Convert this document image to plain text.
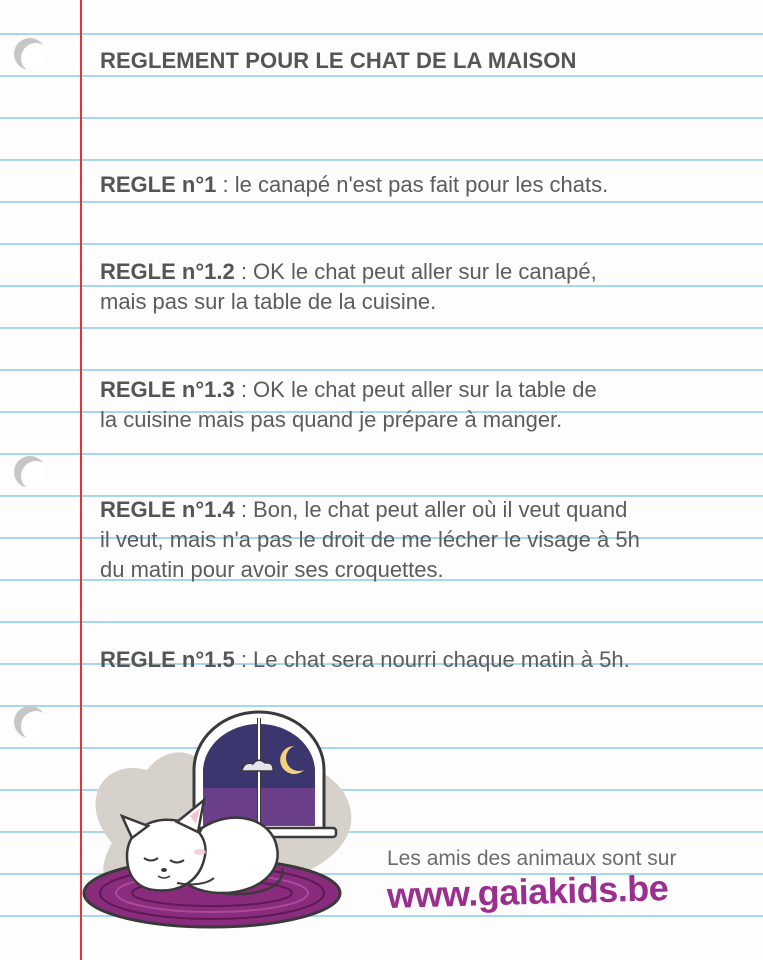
REGLEMENT POUR LE CHAT DE LA MAISON

REGLE n°1 : le canapé n'est pas fait pour les chats.

REGLE n°1.2 : OK le chat peut aller sur le canapé,
mais pas sur la table de la cuisine.

REGLE n°1.3 : OK le chat peut aller sur la table de
la cuisine mais pas quand je prépare à manger.

REGLE n°1.4 : Bon, le chat peut aller où il veut quand
il veut, mais n'a pas le droit de me lécher le visage à 5h
du matin pour avoir ses croquettes.

REGLE n°1.5 : Le chat sera nourri chaque matin à 5h.

Les amis des animaux sont sur
www.gaiakids.be
